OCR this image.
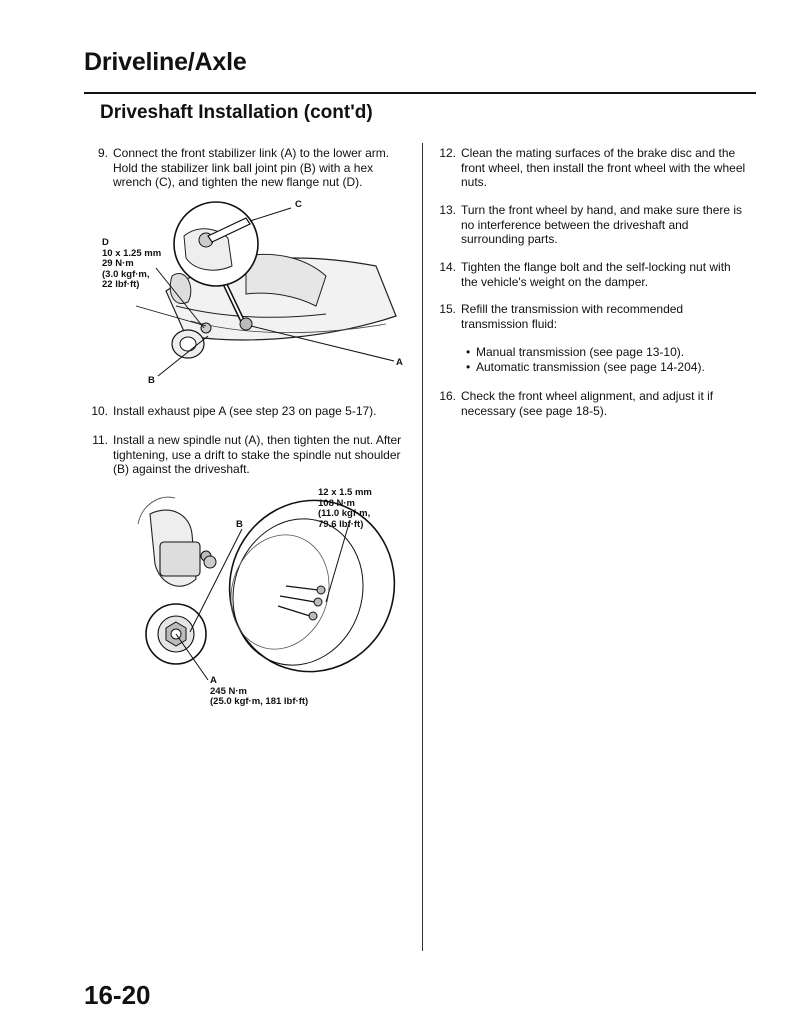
Driveline/Axle
Driveshaft Installation (cont'd)
9. Connect the front stabilizer link (A) to the lower arm. Hold the stabilizer link ball joint pin (B) with a hex wrench (C), and tighten the new flange nut (D).
C
D
10 x 1.25 mm
29 N·m
(3.0 kgf·m,
22 lbf·ft)
A
B
10. Install exhaust pipe A (see step 23 on page 5-17).
11. Install a new spindle nut (A), then tighten the nut. After tightening, use a drift to stake the spindle nut shoulder (B) against the driveshaft.
12 x 1.5 mm
108 N·m
(11.0 kgf·m,
79.6 lbf·ft)
B
A
245 N·m
(25.0 kgf·m, 181 lbf·ft)
12. Clean the mating surfaces of the brake disc and the front wheel, then install the front wheel with the wheel nuts.
13. Turn the front wheel by hand, and make sure there is no interference between the driveshaft and surrounding parts.
14. Tighten the flange bolt and the self-locking nut with the vehicle's weight on the damper.
15. Refill the transmission with recommended transmission fluid:
• Manual transmission (see page 13-10).
• Automatic transmission (see page 14-204).
16. Check the front wheel alignment, and adjust it if necessary (see page 18-5).
16-20
